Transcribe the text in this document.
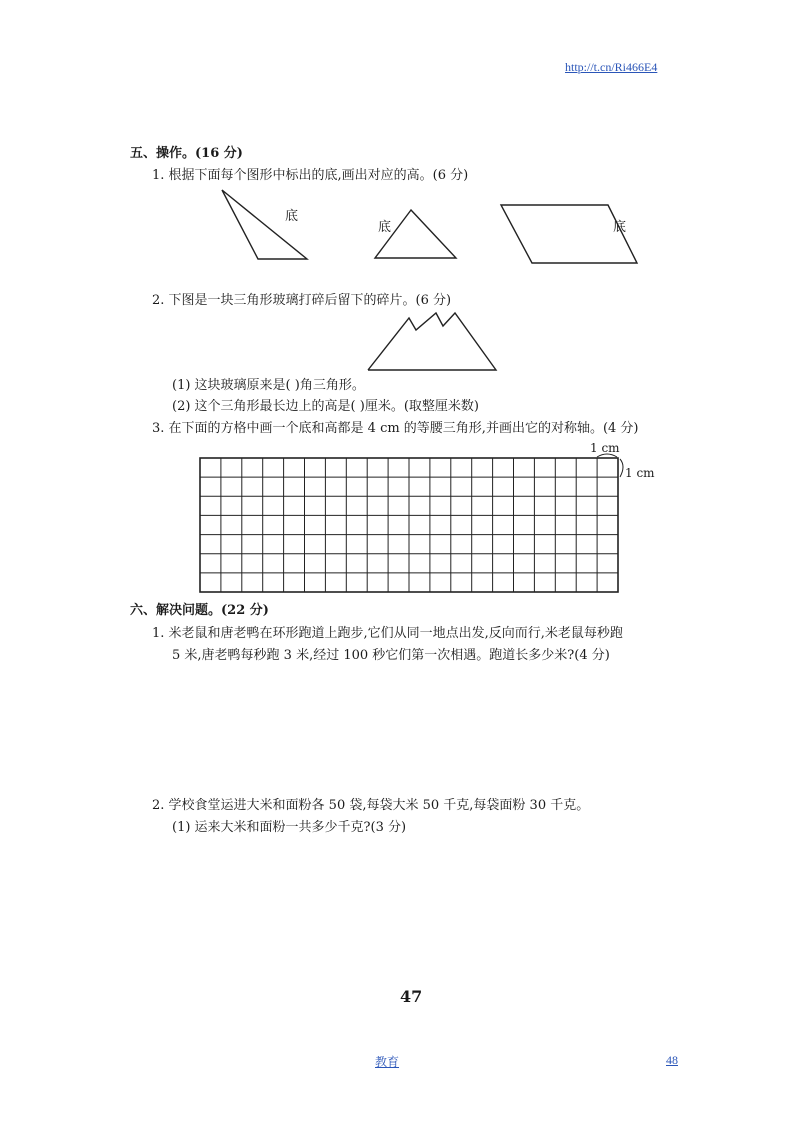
http://t.cn/Ri466E4
五、操作。(16 分)
1. 根据下面每个图形中标出的底,画出对应的高。(6 分)
底
底	底
2. 下图是一块三角形玻璃打碎后留下的碎片。(6 分)
(1) 这块玻璃原来是( )角三角形。
(2) 这个三角形最长边上的高是( )厘米。(取整厘米数)
3. 在下面的方格中画一个底和高都是 4 cm 的等腰三角形,并画出它的对称轴。(4 分)
1 cm
1 cm
六、解决问题。(22 分)
1. 米老鼠和唐老鸭在环形跑道上跑步,它们从同一地点出发,反向而行,米老鼠每秒跑
5 米,唐老鸭每秒跑 3 米,经过 100 秒它们第一次相遇。跑道长多少米?(4 分)
2. 学校食堂运进大米和面粉各 50 袋,每袋大米 50 千克,每袋面粉 30 千克。
(1) 运来大米和面粉一共多少千克?(3 分)
47
教育	48
